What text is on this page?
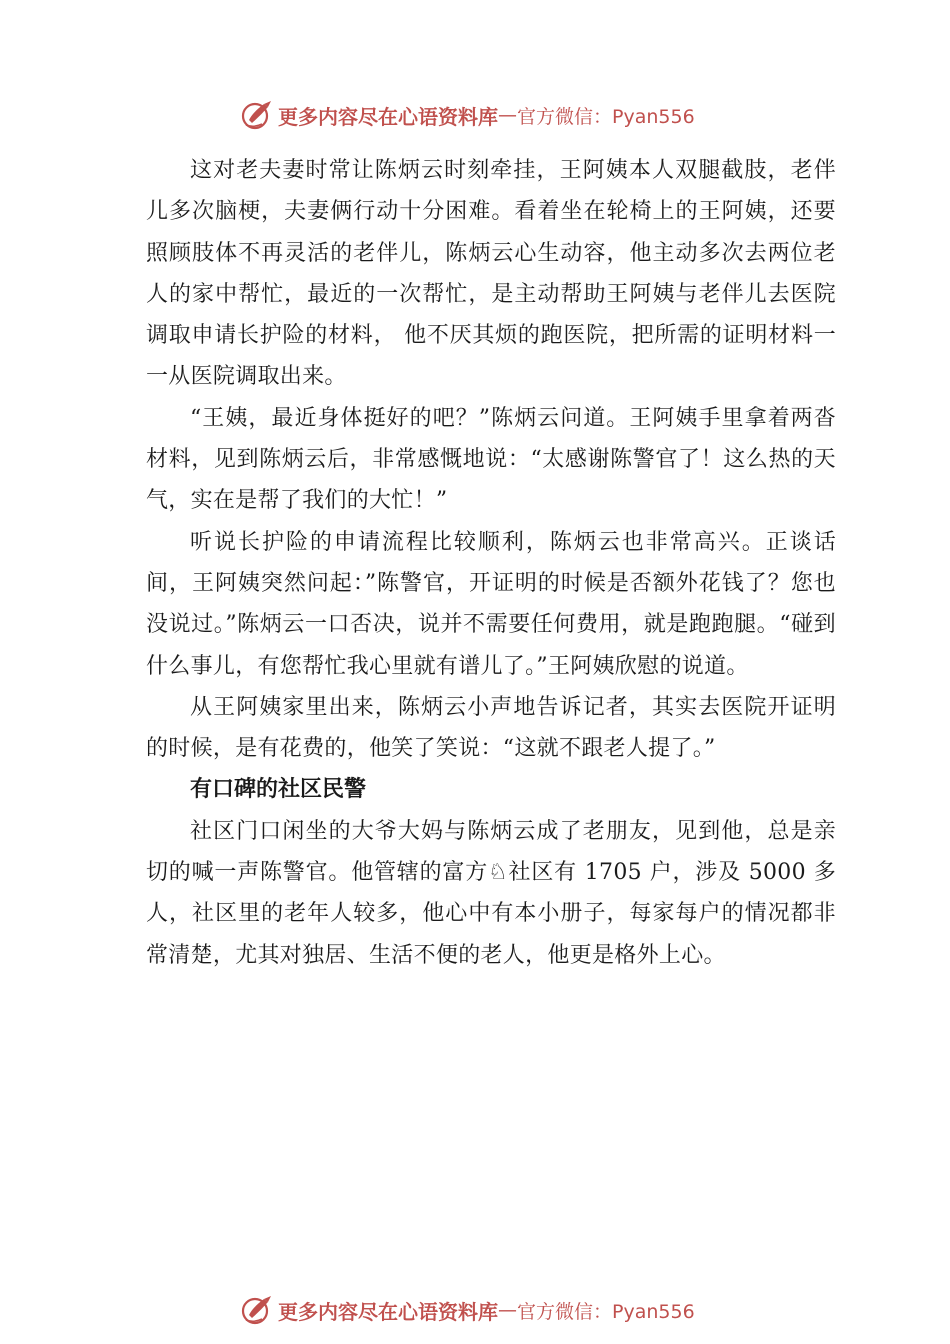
更多内容尽在心语资料库 — 官方微信：Pyan556

这对老夫妻时常让陈炳云时刻牵挂，王阿姨本人双腿截肢，老伴儿多次脑梗，夫妻俩行动十分困难。看着坐在轮椅上的王阿姨，还要照顾肢体不再灵活的老伴儿，陈炳云心生动容，他主动多次去两位老人的家中帮忙，最近的一次帮忙，是主动帮助王阿姨与老伴儿去医院调取申请长护险的材料， 他不厌其烦的跑医院，把所需的证明材料一一从医院调取出来。

“王姨，最近身体挺好的吧？”陈炳云问道。王阿姨手里拿着两沓材料，见到陈炳云后，非常感慨地说：“太感谢陈警官了！这么热的天气，实在是帮了我们的大忙！”

听说长护险的申请流程比较顺利，陈炳云也非常高兴。正谈话间，王阿姨突然问起：”陈警官，开证明的时候是否额外花钱了？您也没说过。”陈炳云一口否决，说并不需要任何费用，就是跑跑腿。“碰到什么事儿，有您帮忙我心里就有谱儿了。”王阿姨欣慰的说道。

从王阿姨家里出来，陈炳云小声地告诉记者，其实去医院开证明的时候，是有花费的，他笑了笑说：“这就不跟老人提了。”

有口碑的社区民警

社区门口闲坐的大爷大妈与陈炳云成了老朋友，见到他，总是亲切的喊一声陈警官。他管辖的富方♘社区有 1705 户，涉及 5000 多人，社区里的老年人较多，他心中有本小册子，每家每户的情况都非常清楚，尤其对独居、生活不便的老人，他更是格外上心。

更多内容尽在心语资料库 — 官方微信：Pyan556
